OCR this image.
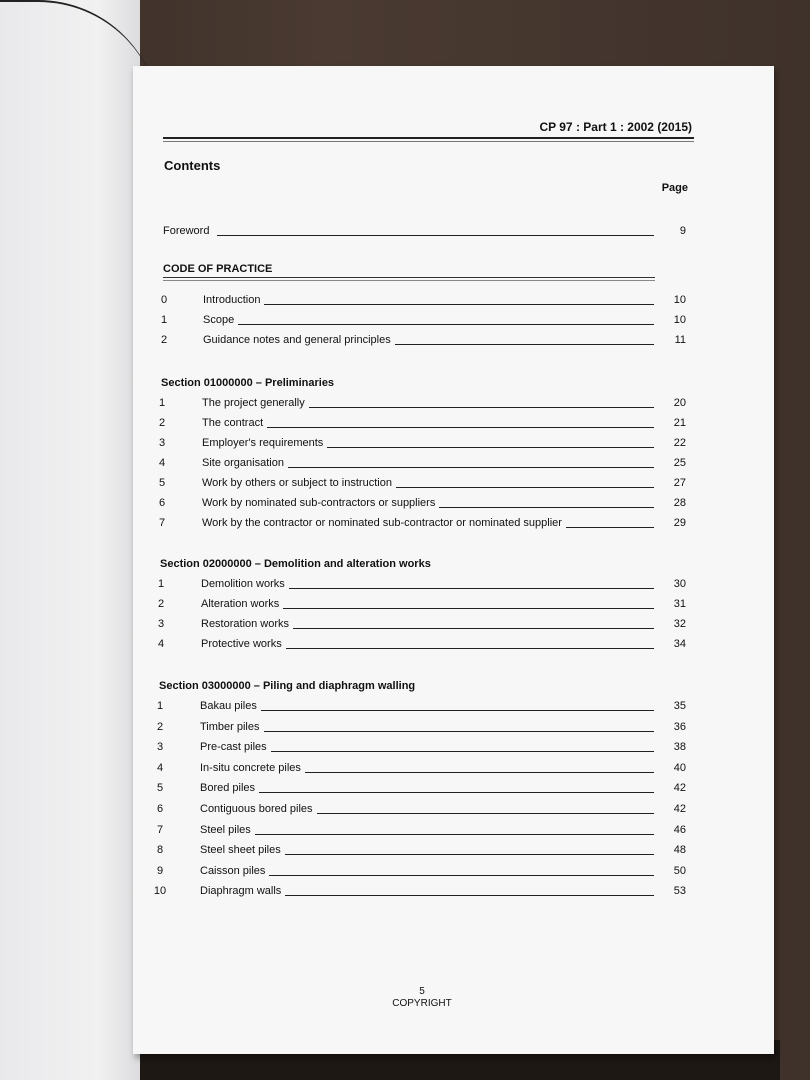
CP 97 : Part 1 : 2002 (2015)
Contents
Page
Foreword	9
CODE OF PRACTICE
5
COPYRIGHT
0	Introduction	10
1	Scope	10
2	Guidance notes and general principles	11
Section 01000000 – Preliminaries
1	The project generally	20
2	The contract	21
3	Employer's requirements	22
4	Site organisation	25
5	Work by others or subject to instruction	27
6	Work by nominated sub-contractors or suppliers	28
7	Work by the contractor or nominated sub-contractor or nominated supplier	29
Section 02000000 – Demolition and alteration works
1	Demolition works	30
2	Alteration works	31
3	Restoration works	32
4	Protective works	34
Section 03000000 – Piling and diaphragm walling
1	Bakau piles	35
2	Timber piles	36
3	Pre-cast piles	38
4	In-situ concrete piles	40
5	Bored piles	42
6	Contiguous bored piles	42
7	Steel piles	46
8	Steel sheet piles	48
9	Caisson piles	50
10	Diaphragm walls	53
